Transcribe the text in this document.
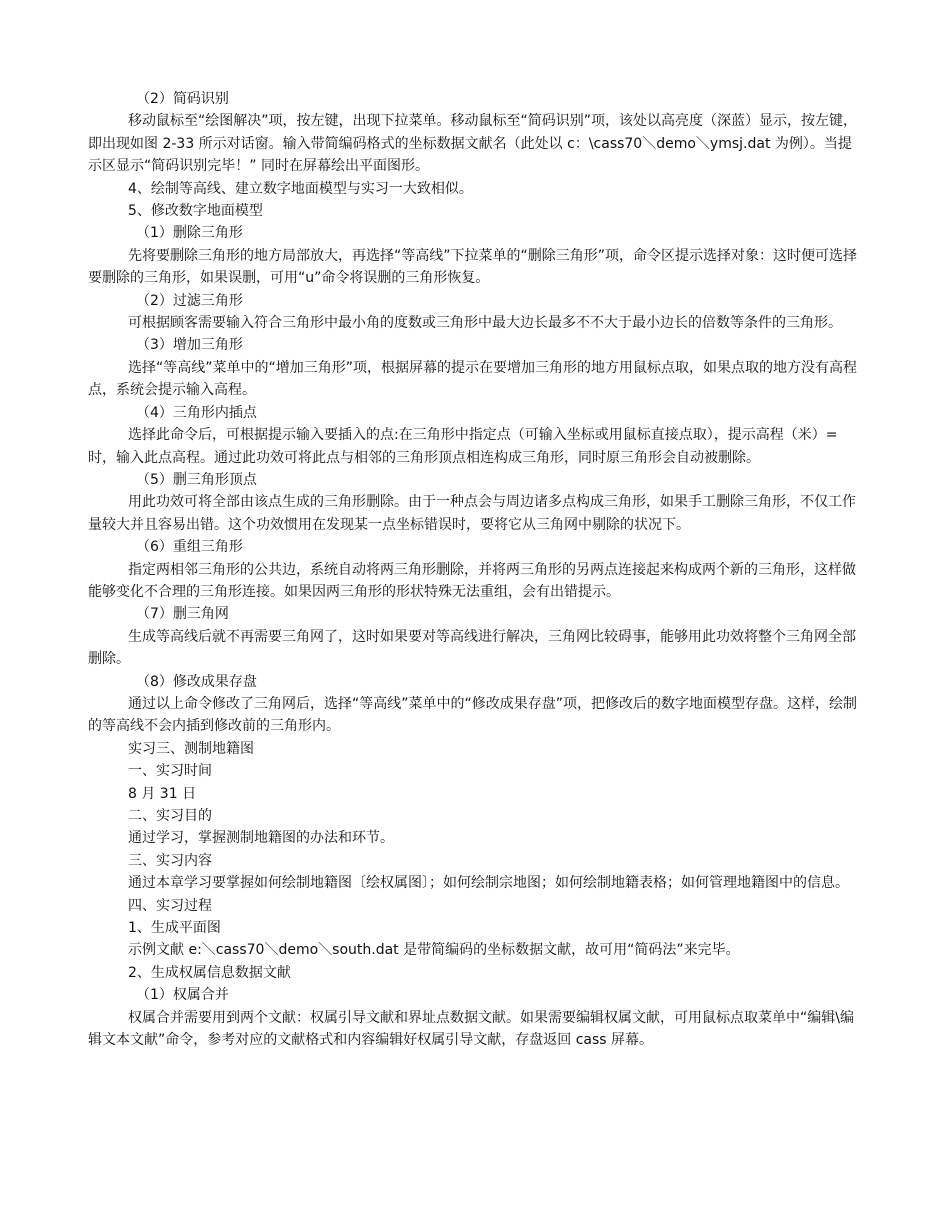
（2）简码识别

移动鼠标至“绘图解决”项，按左键，出现下拉菜单。移动鼠标至“简码识别”项，该处以高亮度（深蓝）显示，按左键，即出现如图 2-33 所示对话窗。输入带简编码格式的坐标数据文献名（此处以 c：\cass70＼demo＼ymsj.dat 为例）。当提示区显示“简码识别完毕！” 同时在屏幕绘出平面图形。

4、绘制等高线、建立数字地面模型与实习一大致相似。

5、修改数字地面模型

（1）删除三角形

先将要删除三角形的地方局部放大，再选择“等高线”下拉菜单的“删除三角形”项，命令区提示选择对象：这时便可选择要删除的三角形，如果误删，可用“u”命令将误删的三角形恢复。

（2）过滤三角形

可根据顾客需要输入符合三角形中最小角的度数或三角形中最大边长最多不不大于最小边长的倍数等条件的三角形。

（3）增加三角形

选择“等高线”菜单中的“增加三角形”项，根据屏幕的提示在要增加三角形的地方用鼠标点取，如果点取的地方没有高程点，系统会提示输入高程。

（4）三角形内插点

选择此命令后，可根据提示输入要插入的点:在三角形中指定点（可输入坐标或用鼠标直接点取），提示高程（米）=时，输入此点高程。通过此功效可将此点与相邻的三角形顶点相连构成三角形，同时原三角形会自动被删除。

（5）删三角形顶点

用此功效可将全部由该点生成的三角形删除。由于一种点会与周边诸多点构成三角形，如果手工删除三角形，不仅工作量较大并且容易出错。这个功效惯用在发现某一点坐标错误时，要将它从三角网中剔除的状况下。

（6）重组三角形

指定两相邻三角形的公共边，系统自动将两三角形删除，并将两三角形的另两点连接起来构成两个新的三角形，这样做能够变化不合理的三角形连接。如果因两三角形的形状特殊无法重组，会有出错提示。

（7）删三角网

生成等高线后就不再需要三角网了，这时如果要对等高线进行解决，三角网比较碍事，能够用此功效将整个三角网全部删除。

（8）修改成果存盘

通过以上命令修改了三角网后，选择“等高线”菜单中的“修改成果存盘”项，把修改后的数字地面模型存盘。这样，绘制的等高线不会内插到修改前的三角形内。

实习三、测制地籍图

一、实习时间

8 月 31 日

二、实习目的

通过学习，掌握测制地籍图的办法和环节。

三、实习内容

通过本章学习要掌握如何绘制地籍图〔绘权属图〕；如何绘制宗地图；如何绘制地籍表格；如何管理地籍图中的信息。

四、实习过程

1、生成平面图

示例文献 e:＼cass70＼demo＼south.dat 是带简编码的坐标数据文献，故可用“简码法”来完毕。

2、生成权属信息数据文献

（1）权属合并

权属合并需要用到两个文献：权属引导文献和界址点数据文献。如果需要编辑权属文献，可用鼠标点取菜单中“编辑\编辑文本文献”命令，参考对应的文献格式和内容编辑好权属引导文献，存盘返回 cass 屏幕。
